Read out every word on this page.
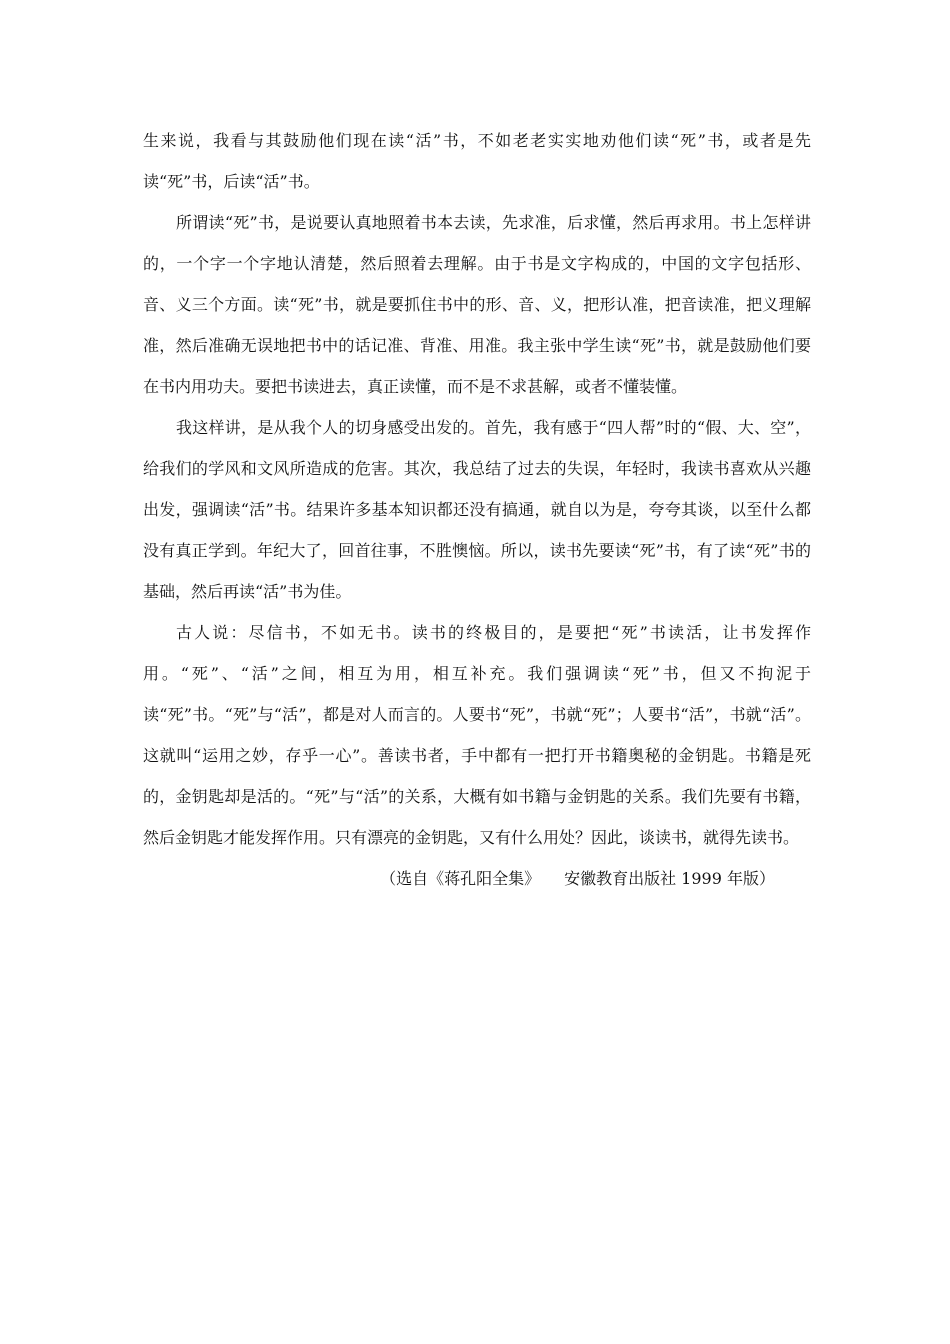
生来说，我看与其鼓励他们现在读“活”书，不如老老实实地劝他们读“死”书，或者是先读“死”书，后读“活”书。

所谓读“死”书，是说要认真地照着书本去读，先求准，后求懂，然后再求用。书上怎样讲的，一个字一个字地认清楚，然后照着去理解。由于书是文字构成的，中国的文字包括形、音、义三个方面。读“死”书，就是要抓住书中的形、音、义，把形认准，把音读准，把义理解准，然后准确无误地把书中的话记准、背准、用准。我主张中学生读“死”书，就是鼓励他们要在书内用功夫。要把书读进去，真正读懂，而不是不求甚解，或者不懂装懂。

我这样讲，是从我个人的切身感受出发的。首先，我有感于“四人帮”时的“假、大、空”，给我们的学风和文风所造成的危害。其次，我总结了过去的失误，年轻时，我读书喜欢从兴趣出发，强调读“活”书。结果许多基本知识都还没有搞通，就自以为是，夸夸其谈，以至什么都没有真正学到。年纪大了，回首往事，不胜懊恼。所以，读书先要读“死”书，有了读“死”书的基础，然后再读“活”书为佳。

古人说：尽信书，不如无书。读书的终极目的，是要把“死”书读活，让书发挥作用。“死”、“活”之间，相互为用，相互补充。我们强调读“死”书，但又不拘泥于读“死”书。“死”与“活”，都是对人而言的。人要书“死”，书就“死”；人要书“活”，书就“活”。这就叫“运用之妙，存乎一心”。善读书者，手中都有一把打开书籍奥秘的金钥匙。书籍是死的，金钥匙却是活的。“死”与“活”的关系，大概有如书籍与金钥匙的关系。我们先要有书籍，然后金钥匙才能发挥作用。只有漂亮的金钥匙，又有什么用处？因此，谈读书，就得先读书。

（选自《蒋孔阳全集》　　安徽教育出版社 1999 年版）
